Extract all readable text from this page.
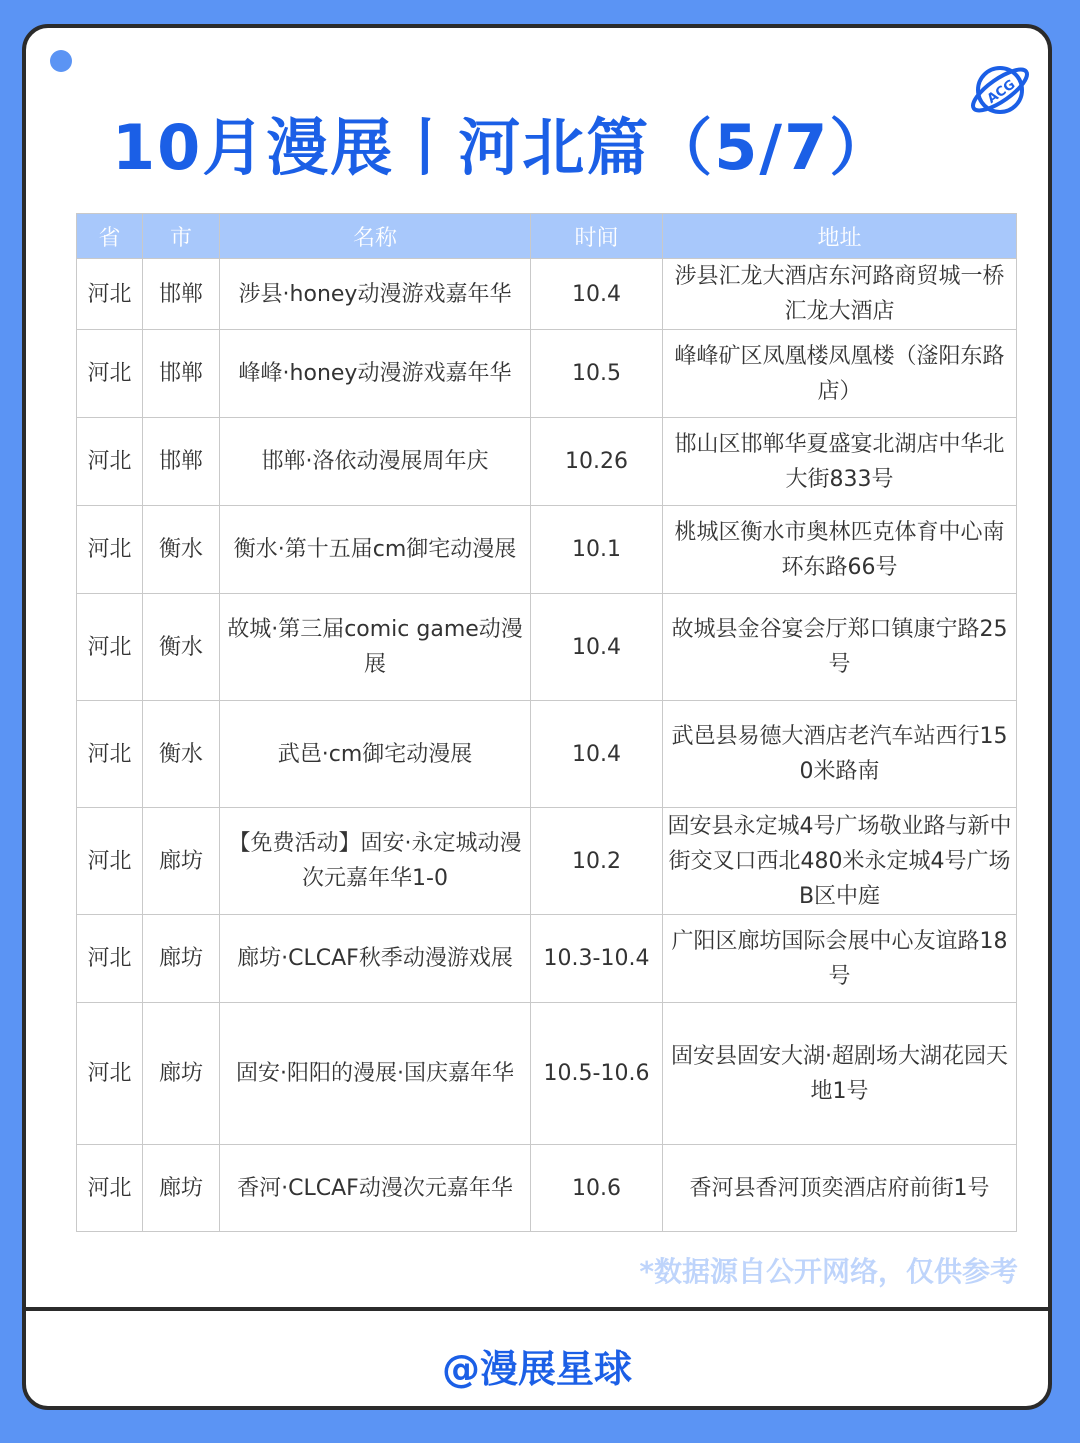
ACG
10月漫展丨河北篇（5/7）
省	市	名称	时间	地址
河北	邯郸	涉县·honey动漫游戏嘉年华	10.4	涉县汇龙大酒店东河路商贸城一桥汇龙大酒店
河北	邯郸	峰峰·honey动漫游戏嘉年华	10.5	峰峰矿区凤凰楼凤凰楼（滏阳东路店）
河北	邯郸	邯郸·洛依动漫展周年庆	10.26	邯山区邯郸华夏盛宴北湖店中华北大街833号
河北	衡水	衡水·第十五届cm御宅动漫展	10.1	桃城区衡水市奥林匹克体育中心南环东路66号
河北	衡水	故城·第三届comic game动漫展	10.4	故城县金谷宴会厅郑口镇康宁路25号
河北	衡水	武邑·cm御宅动漫展	10.4	武邑县易德大酒店老汽车站西行150米路南
河北	廊坊	【免费活动】固安·永定城动漫次元嘉年华1-0	10.2	固安县永定城4号广场敬业路与新中街交叉口西北480米永定城4号广场B区中庭
河北	廊坊	廊坊·CLCAF秋季动漫游戏展	10.3-10.4	广阳区廊坊国际会展中心友谊路18号
河北	廊坊	固安·阳阳的漫展·国庆嘉年华	10.5-10.6	固安县固安大湖·超剧场大湖花园天地1号
河北	廊坊	香河·CLCAF动漫次元嘉年华	10.6	香河县香河顶奕酒店府前街1号
*数据源自公开网络，仅供参考
@漫展星球
